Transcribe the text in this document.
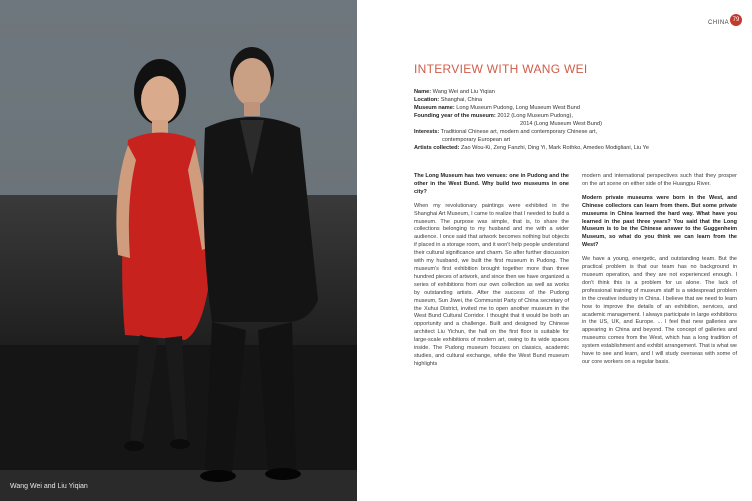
Wang Wei and Liu Yiqian
CHINA 79
INTERVIEW WITH WANG WEI
Name: Wang Wei and Liu Yiqian
Location: Shanghai, China
Museum name: Long Museum Pudong, Long Museum West Bund
Founding year of the museum: 2012 (Long Museum Pudong),
2014 (Long Museum West Bund)
Interests: Traditional Chinese art, modern and contemporary Chinese art,
contemporary European art
Artists collected: Zao Wou-Ki, Zeng Fanzhi, Ding Yi, Mark Rothko, Amedeo Modigliani, Liu Ye

The Long Museum has two venues: one in Pudong and the other in the West Bund. Why build two museums in one city?

When my revolutionary paintings were exhibited in the Shanghai Art Museum, I came to realize that I needed to build a museum. The purpose was simple, that is, to share the collections belonging to my husband and me with a wider audience. I once said that artwork becomes nothing but objects if placed in a storage room, and it won't help people understand their cultural significance and charm. So after further discussion with my husband, we built the first museum in Pudong. The museum's first exhibition brought together more than three hundred pieces of artwork, and since then we have organized a series of exhibitions from our own collection as well as works by outstanding artists. After the success of the Pudong museum, Sun Jiwei, the Communist Party of China secretary of the Xuhui District, invited me to open another museum in the West Bund Cultural Corridor. I thought that it would be both an opportunity and a challenge. Built and designed by Chinese architect Liu Yichun, the hall on the first floor is suitable for large-scale exhibitions of modern art, owing to its wide spaces inside. The Pudong museum focuses on classics, academic studies, and cultural exchange, while the West Bund museum highlights

modern and international perspectives such that they prosper on the art scene on either side of the Huangpu River.

Modern private museums were born in the West, and Chinese collectors can learn from them. But some private museums in China learned the hard way. What have you learned in the past three years? You said that the Long Museum is to be the Chinese answer to the Guggenheim Museum, so what do you think we can learn from the West?

We have a young, energetic, and outstanding team. But the practical problem is that our team has no background in museum operation, and they are not experienced enough. I don't think this is a problem for us alone. The lack of professional training of museum staff is a widespread problem in the creative industry in China. I believe that we need to learn how to improve the details of an exhibition, services, and academic management. I always participate in large exhibitions in the US, UK, and Europe. ... I feel that new galleries are appearing in China and beyond. The concept of galleries and museums comes from the West, which has a long tradition of system establishment and exhibit arrangement. That is what we have to see and learn, and I will study overseas with some of our core workers on a regular basis.
